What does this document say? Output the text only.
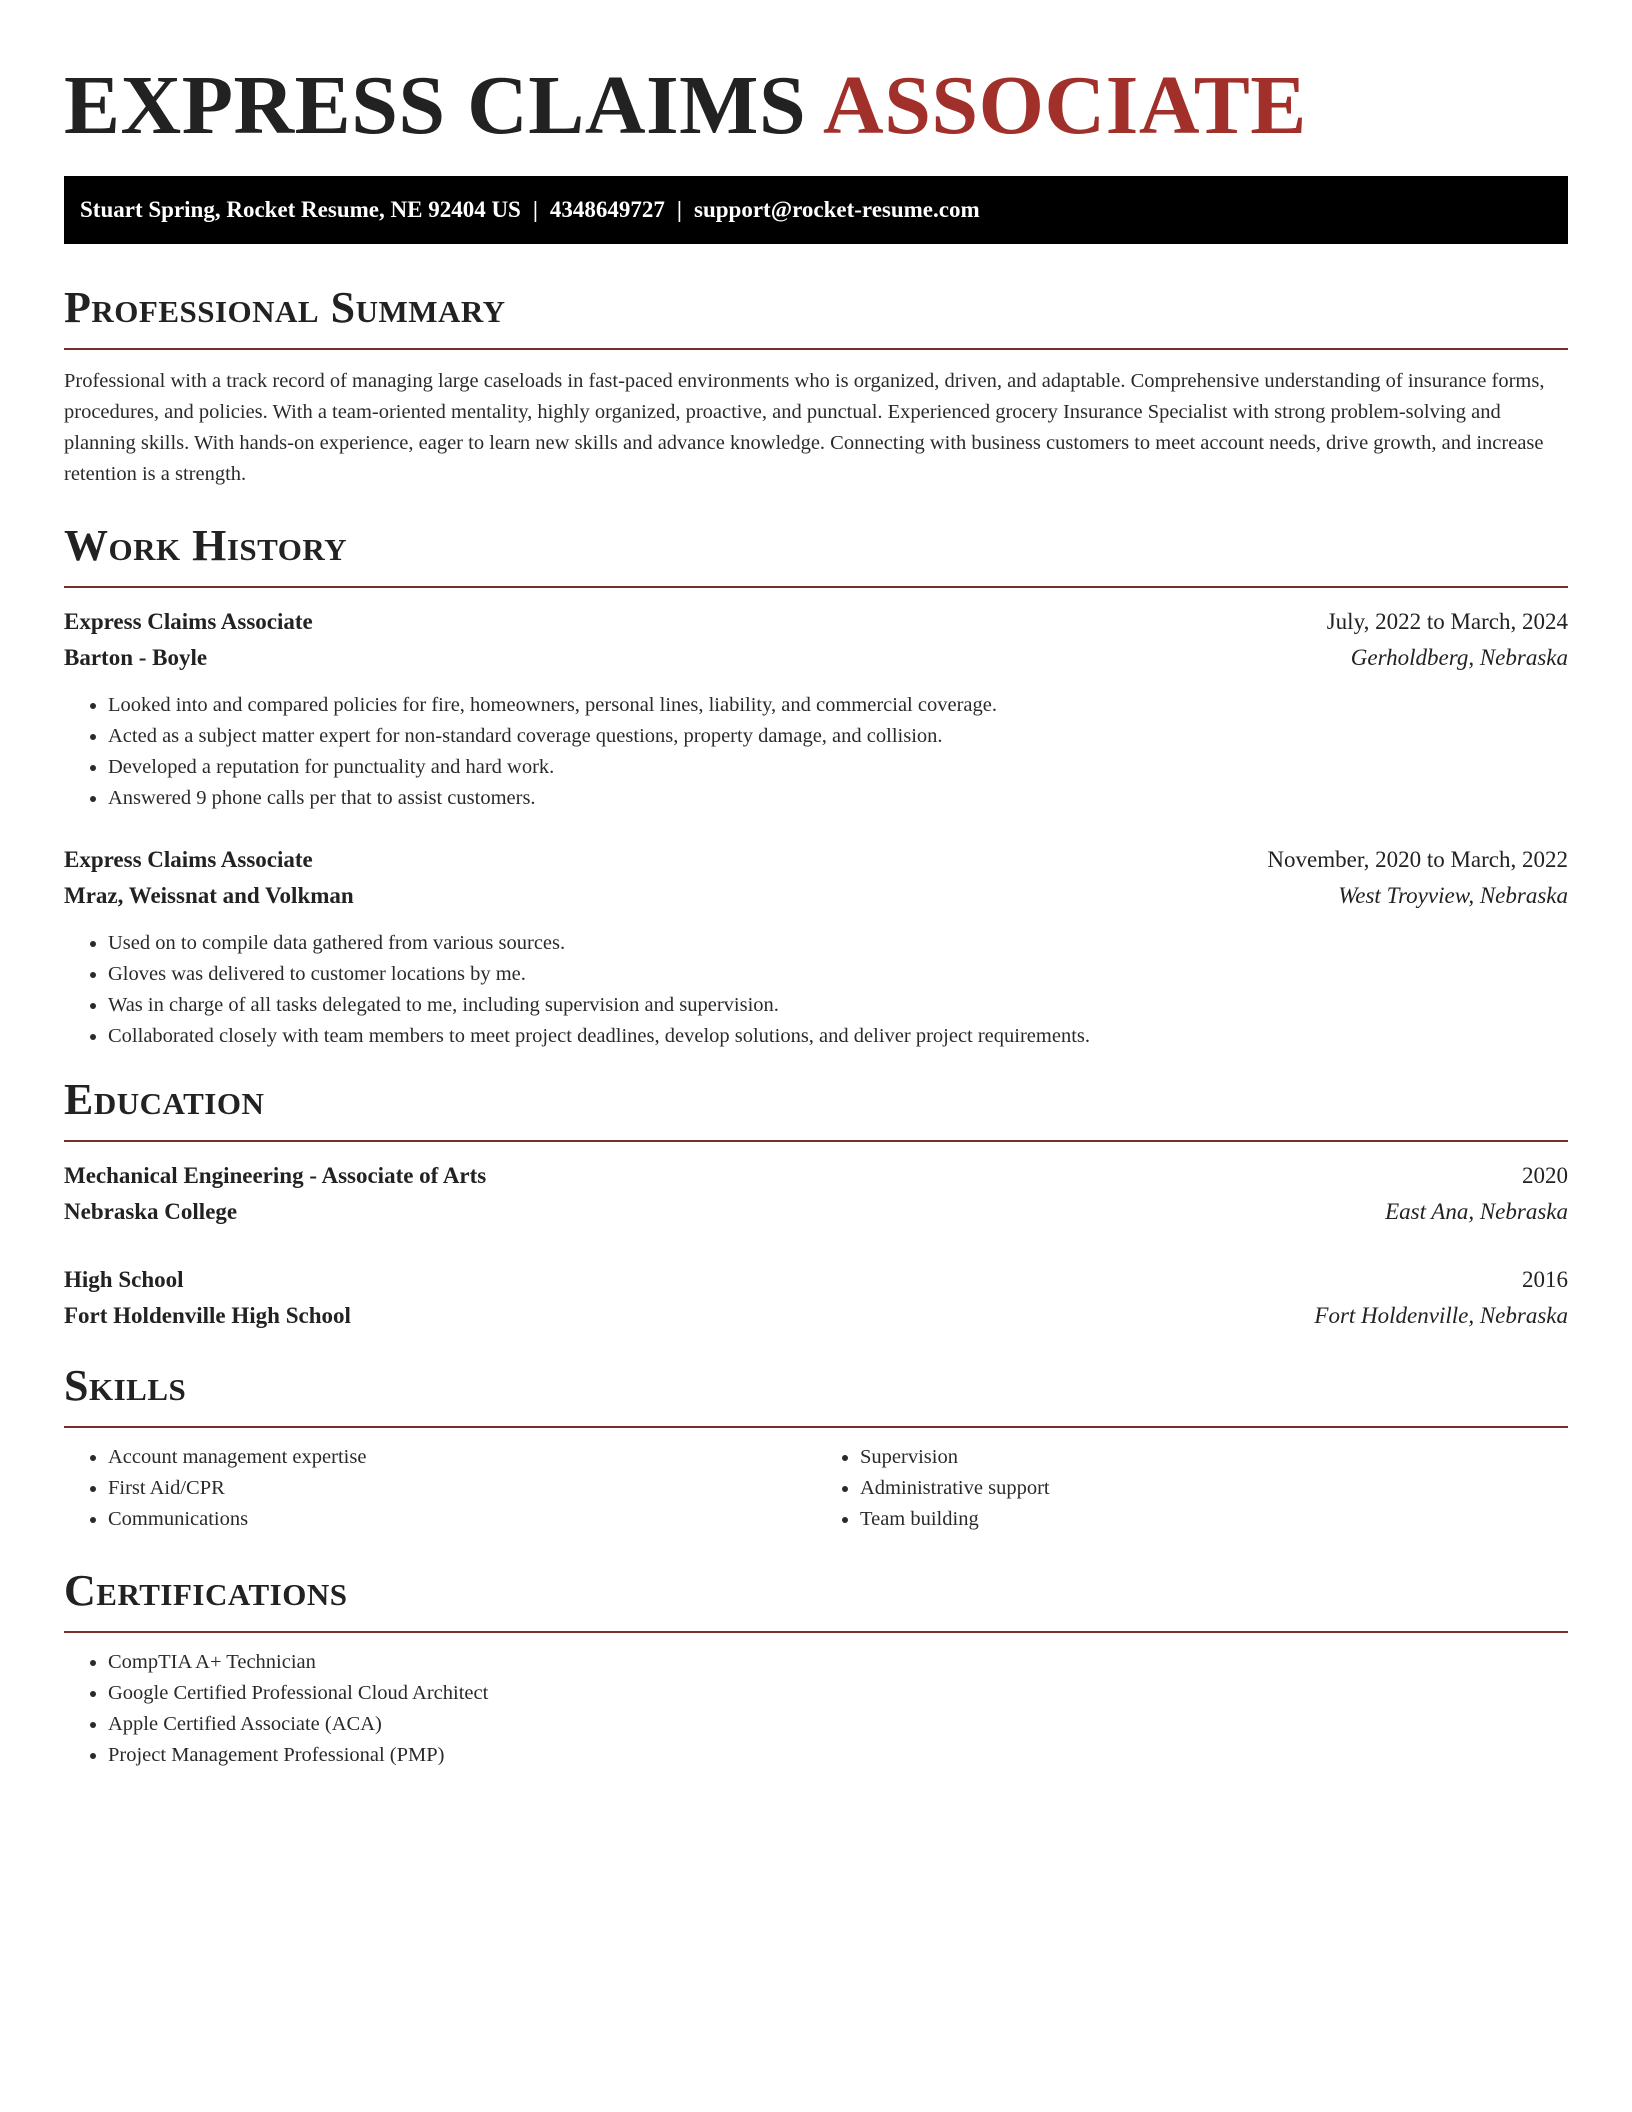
EXPRESS CLAIMS ASSOCIATE
Stuart Spring, Rocket Resume, NE 92404 US | 4348649727 | support@rocket-resume.com
Professional Summary
Professional with a track record of managing large caseloads in fast-paced environments who is organized, driven, and adaptable. Comprehensive understanding of insurance forms, procedures, and policies. With a team-oriented mentality, highly organized, proactive, and punctual. Experienced grocery Insurance Specialist with strong problem-solving and planning skills. With hands-on experience, eager to learn new skills and advance knowledge. Connecting with business customers to meet account needs, drive growth, and increase retention is a strength.
Work History
Express Claims Associate	July, 2022 to March, 2024
Barton - Boyle	Gerholdberg, Nebraska
• Looked into and compared policies for fire, homeowners, personal lines, liability, and commercial coverage.
• Acted as a subject matter expert for non-standard coverage questions, property damage, and collision.
• Developed a reputation for punctuality and hard work.
• Answered 9 phone calls per that to assist customers.
Express Claims Associate	November, 2020 to March, 2022
Mraz, Weissnat and Volkman	West Troyview, Nebraska
• Used on to compile data gathered from various sources.
• Gloves was delivered to customer locations by me.
• Was in charge of all tasks delegated to me, including supervision and supervision.
• Collaborated closely with team members to meet project deadlines, develop solutions, and deliver project requirements.
Education
Mechanical Engineering - Associate of Arts	2020
Nebraska College	East Ana, Nebraska
High School	2016
Fort Holdenville High School	Fort Holdenville, Nebraska
Skills
• Account management expertise
• First Aid/CPR
• Communications
• Supervision
• Administrative support
• Team building
Certifications
• CompTIA A+ Technician
• Google Certified Professional Cloud Architect
• Apple Certified Associate (ACA)
• Project Management Professional (PMP)
